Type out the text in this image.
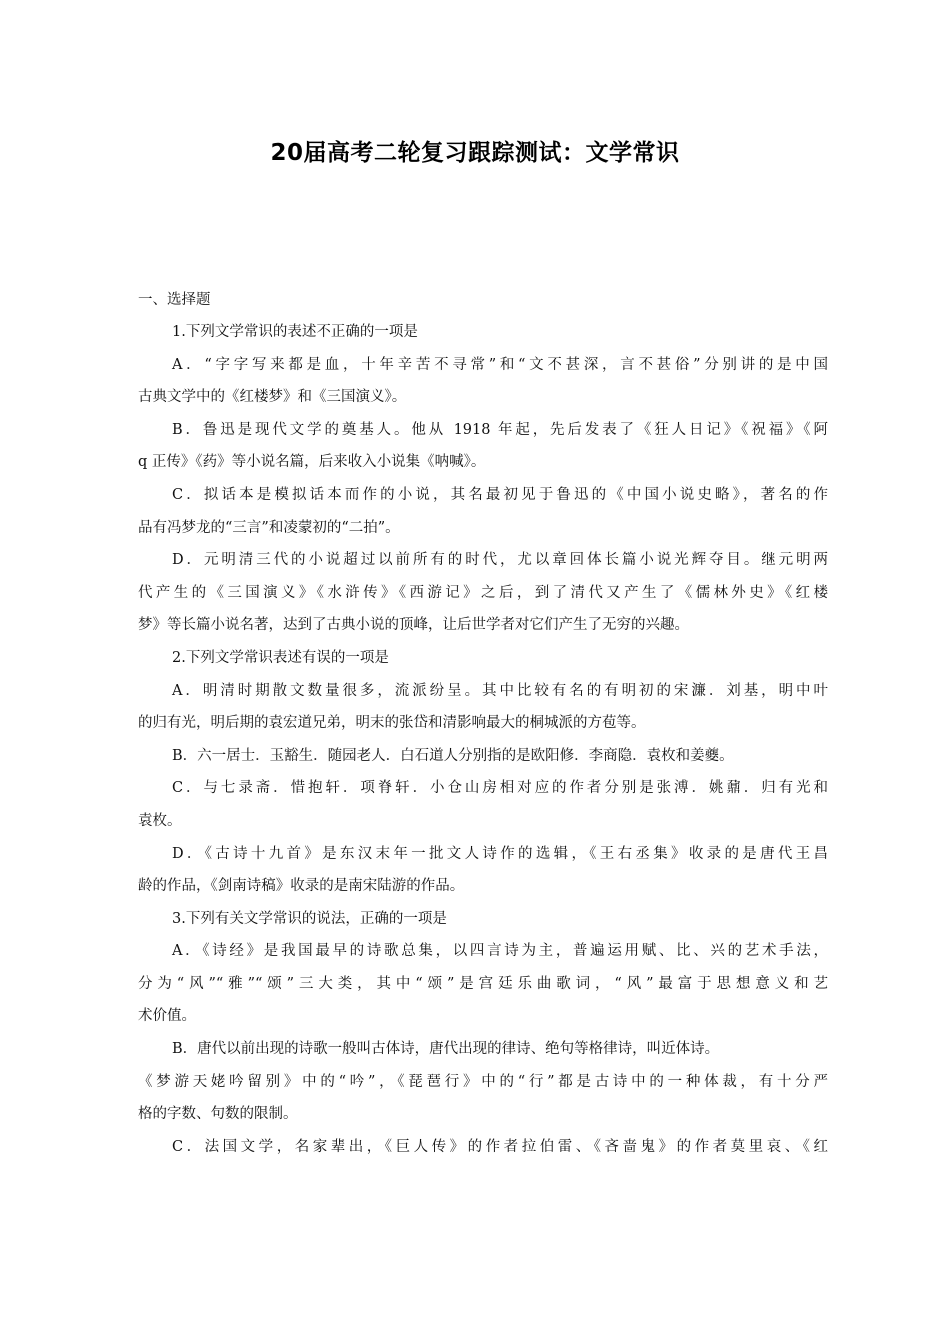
20届高考二轮复习跟踪测试：文学常识
一、选择题
1.下列文学常识的表述不正确的一项是
A．“字字写来都是血，十年辛苦不寻常”和“文不甚深，言不甚俗”分别讲的是中国
古典文学中的《红楼梦》和《三国演义》。
B．鲁迅是现代文学的奠基人。他从 1918 年起，先后发表了《狂人日记》《祝福》《阿
q 正传》《药》等小说名篇，后来收入小说集《呐喊》。
C．拟话本是模拟话本而作的小说，其名最初见于鲁迅的《中国小说史略》，著名的作
品有冯梦龙的“三言”和凌蒙初的“二拍”。
D．元明清三代的小说超过以前所有的时代，尤以章回体长篇小说光辉夺目。继元明两
代产生的《三国演义》《水浒传》《西游记》之后，到了清代又产生了《儒林外史》《红楼
梦》等长篇小说名著，达到了古典小说的顶峰，让后世学者对它们产生了无穷的兴趣。
2.下列文学常识表述有误的一项是
A．明清时期散文数量很多，流派纷呈。其中比较有名的有明初的宋濂．刘基，明中叶
的归有光，明后期的袁宏道兄弟，明末的张岱和清影响最大的桐城派的方苞等。
B．六一居士．玉豁生．随园老人．白石道人分别指的是欧阳修．李商隐．袁枚和姜夔。
C．与七录斋．惜抱轩．项脊轩．小仓山房相对应的作者分别是张溥．姚鼐．归有光和
袁枚。
D．《古诗十九首》是东汉末年一批文人诗作的选辑，《王右丞集》收录的是唐代王昌
龄的作品，《剑南诗稿》收录的是南宋陆游的作品。
3.下列有关文学常识的说法，正确的一项是
A．《诗经》是我国最早的诗歌总集，以四言诗为主，普遍运用赋、比、兴的艺术手法，
分为“风”“雅”“颂”三大类，其中“颂”是宫廷乐曲歌词，“风”最富于思想意义和艺
术价值。
B．唐代以前出现的诗歌一般叫古体诗，唐代出现的律诗、绝句等格律诗，叫近体诗。
《梦游天姥吟留别》中的“吟”，《琵琶行》中的“行”都是古诗中的一种体裁，有十分严
格的字数、句数的限制。
C．法国文学，名家辈出，《巨人传》的作者拉伯雷、《吝啬鬼》的作者莫里哀、《红
